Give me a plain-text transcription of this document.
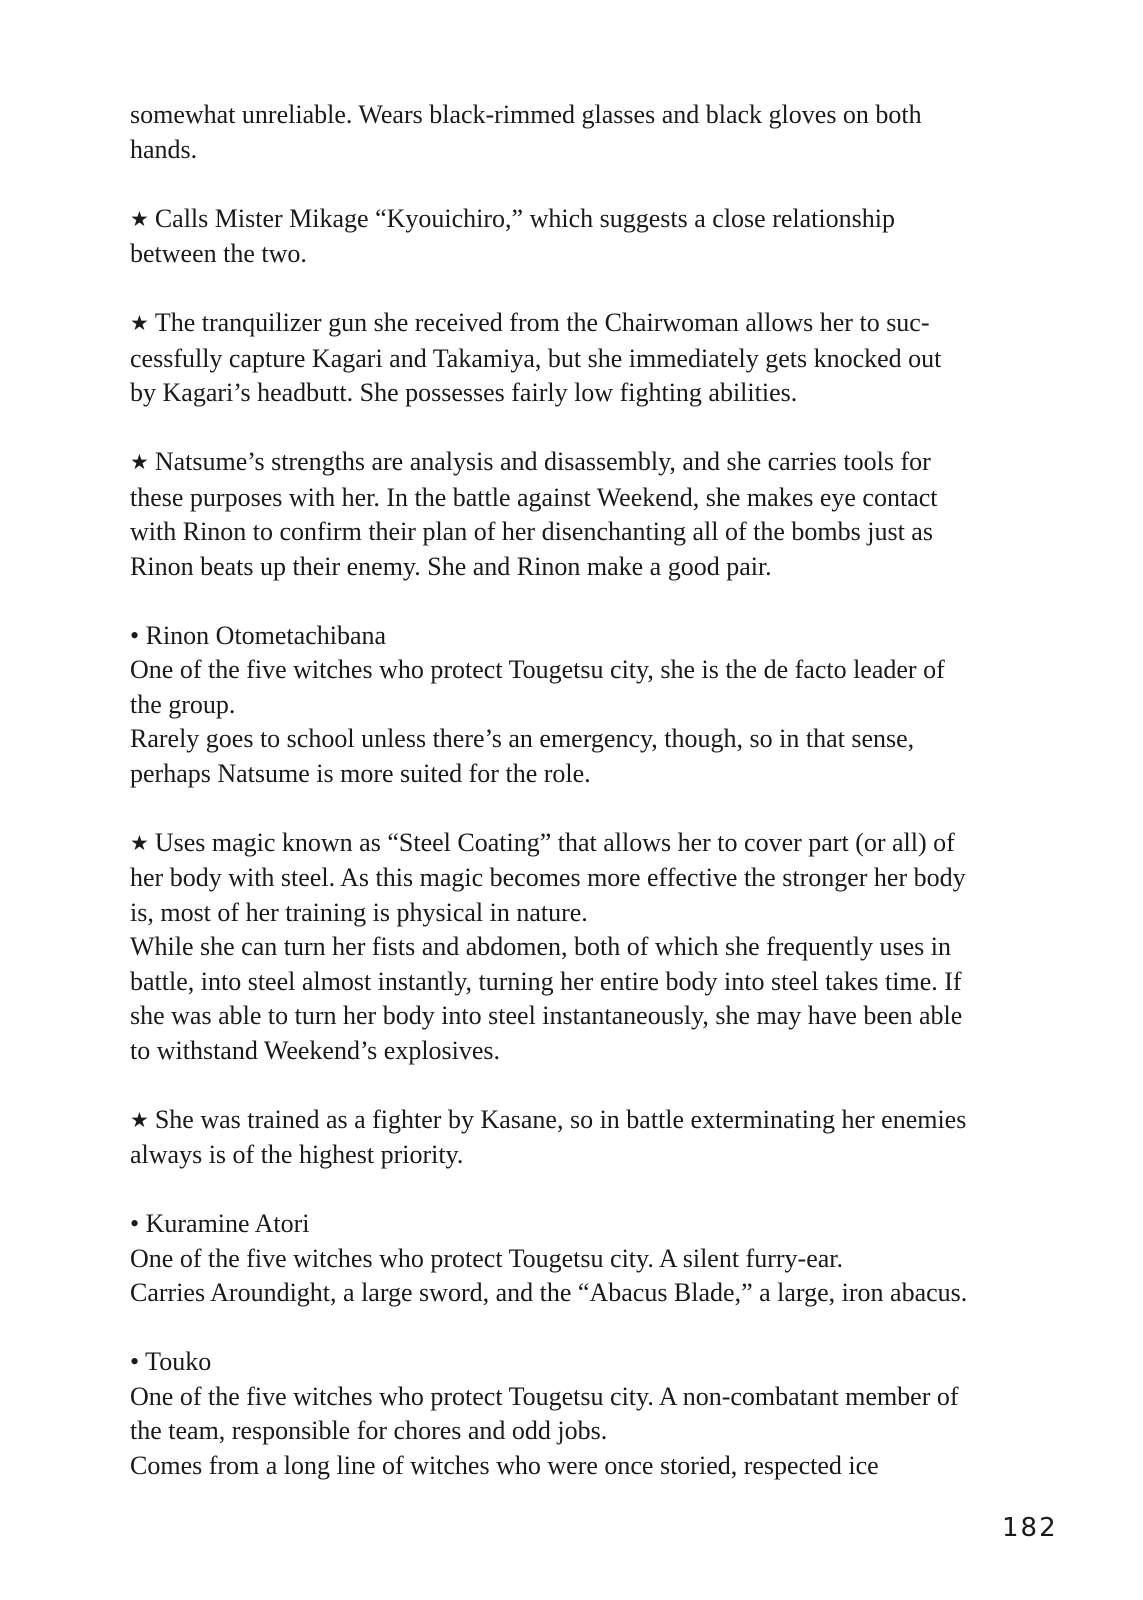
somewhat unreliable. Wears black-rimmed glasses and black gloves on both
hands.
★ Calls Mister Mikage “Kyouichiro,” which suggests a close relationship
between the two.
★ The tranquilizer gun she received from the Chairwoman allows her to suc-
cessfully capture Kagari and Takamiya, but she immediately gets knocked out
by Kagari’s headbutt. She possesses fairly low fighting abilities.
★ Natsume’s strengths are analysis and disassembly, and she carries tools for
these purposes with her. In the battle against Weekend, she makes eye contact
with Rinon to confirm their plan of her disenchanting all of the bombs just as
Rinon beats up their enemy. She and Rinon make a good pair.
• Rinon Otometachibana
One of the five witches who protect Tougetsu city, she is the de facto leader of
the group.
Rarely goes to school unless there’s an emergency, though, so in that sense,
perhaps Natsume is more suited for the role.
★ Uses magic known as “Steel Coating” that allows her to cover part (or all) of
her body with steel. As this magic becomes more effective the stronger her body
is, most of her training is physical in nature.
While she can turn her fists and abdomen, both of which she frequently uses in
battle, into steel almost instantly, turning her entire body into steel takes time. If
she was able to turn her body into steel instantaneously, she may have been able
to withstand Weekend’s explosives.
★ She was trained as a fighter by Kasane, so in battle exterminating her enemies
always is of the highest priority.
• Kuramine Atori
One of the five witches who protect Tougetsu city. A silent furry-ear.
Carries Aroundight, a large sword, and the “Abacus Blade,” a large, iron abacus.
• Touko
One of the five witches who protect Tougetsu city. A non-combatant member of
the team, responsible for chores and odd jobs.
Comes from a long line of witches who were once storied, respected ice
182
